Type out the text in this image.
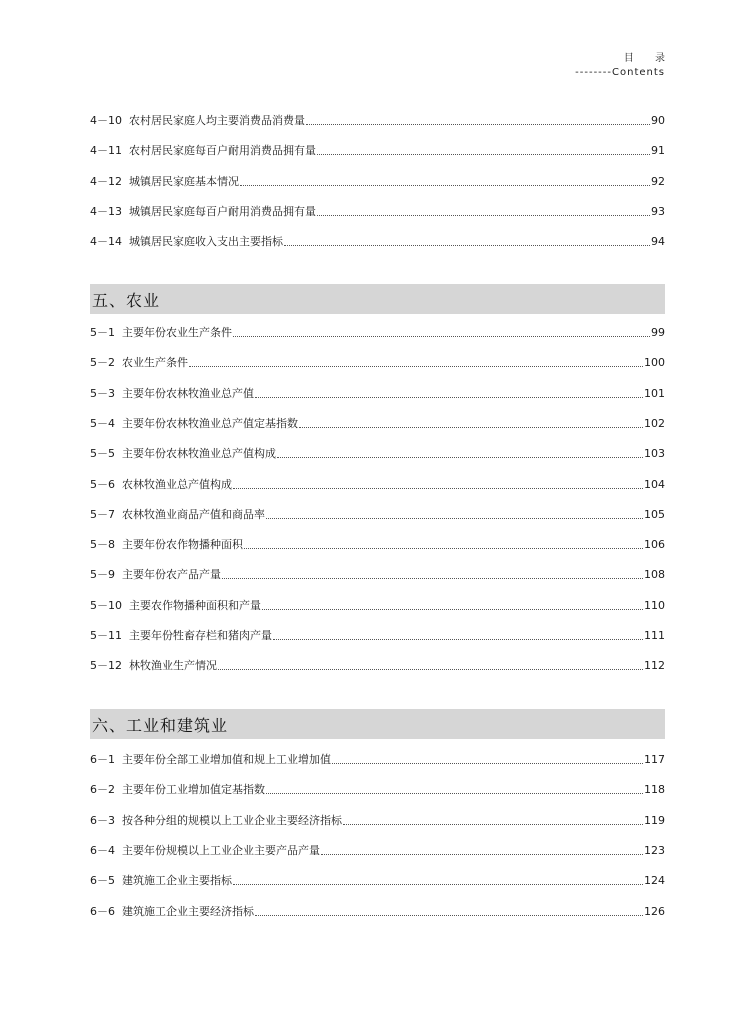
目 录
--------Contents
4－10 农村居民家庭人均主要消费品消费量	90
4－11 农村居民家庭每百户耐用消费品拥有量	91
4－12 城镇居民家庭基本情况	92
4－13 城镇居民家庭每百户耐用消费品拥有量	93
4－14 城镇居民家庭收入支出主要指标	94
五、农业
5－1 主要年份农业生产条件	99
5－2 农业生产条件	100
5－3 主要年份农林牧渔业总产值	101
5－4 主要年份农林牧渔业总产值定基指数	102
5－5 主要年份农林牧渔业总产值构成	103
5－6 农林牧渔业总产值构成	104
5－7 农林牧渔业商品产值和商品率	105
5－8 主要年份农作物播种面积	106
5－9 主要年份农产品产量	108
5－10 主要农作物播种面积和产量	110
5－11 主要年份牲畜存栏和猪肉产量	111
5－12 林牧渔业生产情况	112
六、工业和建筑业
6－1 主要年份全部工业增加值和规上工业增加值	117
6－2 主要年份工业增加值定基指数	118
6－3 按各种分组的规模以上工业企业主要经济指标	119
6－4 主要年份规模以上工业企业主要产品产量	123
6－5 建筑施工企业主要指标	124
6－6 建筑施工企业主要经济指标	126
